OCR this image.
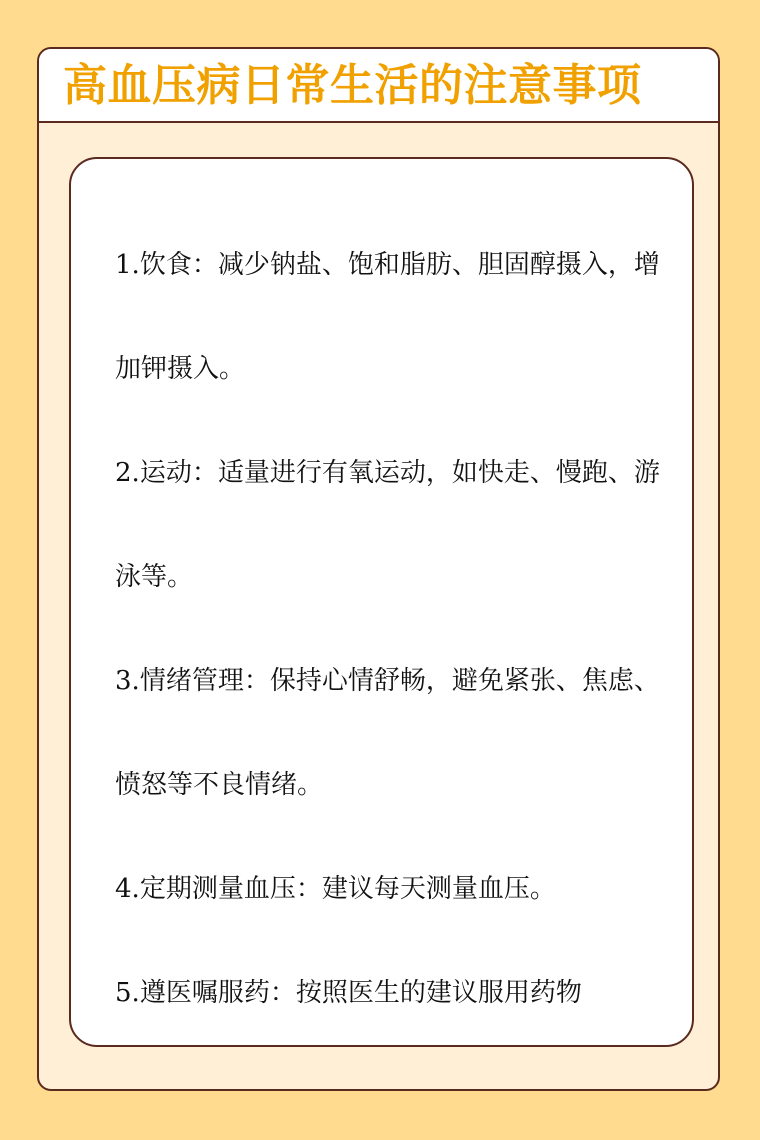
高血压病日常生活的注意事项

1.饮食：减少钠盐、饱和脂肪、胆固醇摄入，增加钾摄入。

2.运动：适量进行有氧运动，如快走、慢跑、游泳等。

3.情绪管理：保持心情舒畅，避免紧张、焦虑、愤怒等不良情绪。

4.定期测量血压：建议每天测量血压。

5.遵医嘱服药：按照医生的建议服用药物
